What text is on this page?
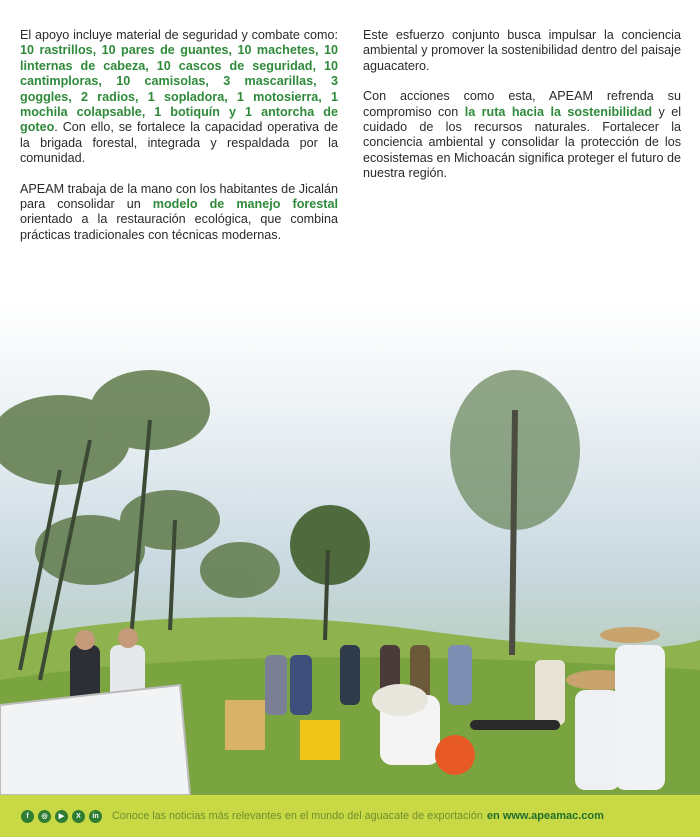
El apoyo incluye material de seguridad y combate como: 10 rastrillos, 10 pares de guantes, 10 machetes, 10 linternas de cabeza, 10 cascos de seguridad, 10 cantimploras, 10 camisolas, 3 mascarillas, 3 goggles, 2 radios, 1 sopladora, 1 motosierra, 1 mochila colapsable, 1 botiquín y 1 antorcha de goteo. Con ello, se fortalece la capacidad operativa de la brigada forestal, integrada y respaldada por la comunidad.

APEAM trabaja de la mano con los habitantes de Jicalán para consolidar un modelo de manejo forestal orientado a la restauración ecológica, que combina prácticas tradicionales con técnicas modernas.

Este esfuerzo conjunto busca impulsar la conciencia ambiental y promover la sostenibilidad dentro del paisaje aguacatero.

Con acciones como esta, APEAM refrenda su compromiso con la ruta hacia la sostenibilidad y el cuidado de los recursos naturales. Fortalecer la conciencia ambiental y consolidar la protección de los ecosistemas en Michoacán significa proteger el futuro de nuestra región.

f	◎	▶	X	in	Conoce las noticias más relevantes en el mundo del aguacate de exportación en www.apeamac.com
